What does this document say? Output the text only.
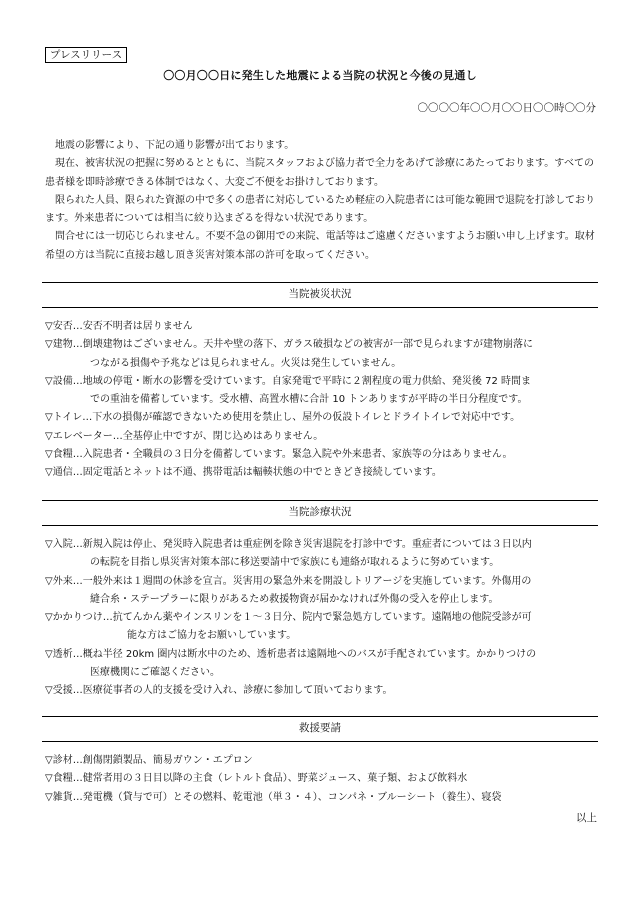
プレスリリース
〇〇月〇〇日に発生した地震による当院の状況と今後の見通し
〇〇〇〇年〇〇月〇〇日〇〇時〇〇分

地震の影響により、下記の通り影響が出ております。

現在、被害状況の把握に努めるとともに、当院スタッフおよび協力者で全力をあげて診療にあたっております。すべての患者様を即時診療できる体制ではなく、大変ご不便をお掛けしております。

限られた人員、限られた資源の中で多くの患者に対応しているため軽症の入院患者には可能な範囲で退院を打診しております。外来患者については相当に絞り込まざるを得ない状況であります。

問合せには一切応じられません。不要不急の御用での来院、電話等はご遠慮くださいますようお願い申し上げます。取材希望の方は当院に直接お越し頂き災害対策本部の許可を取ってください。

当院被災状況
▽安否…安否不明者は居りません
▽建物…倒壊建物はございません。天井や壁の落下、ガラス破損などの被害が一部で見られますが建物崩落に
つながる損傷や予兆などは見られません。火災は発生していません。
▽設備…地域の停電・断水の影響を受けています。自家発電で平時に２割程度の電力供給、発災後 72 時間ま
での重油を備蓄しています。受水槽、高置水槽に合計 10 トンありますが平時の半日分程度です。
▽トイレ…下水の損傷が確認できないため使用を禁止し、屋外の仮設トイレとドライトイレで対応中です。
▽エレベーター…全基停止中ですが、閉じ込めはありません。
▽食糧…入院患者・全職員の３日分を備蓄しています。緊急入院や外来患者、家族等の分はありません。
▽通信…固定電話とネットは不通、携帯電話は輻輳状態の中でときどき接続しています。
当院診療状況
▽入院…新規入院は停止、発災時入院患者は重症例を除き災害退院を打診中です。重症者については３日以内
の転院を目指し県災害対策本部に移送要請中で家族にも連絡が取れるように努めています。
▽外来…一般外来は１週間の休診を宣言。災害用の緊急外来を開設しトリアージを実施しています。外傷用の
縫合糸・ステープラーに限りがあるため救援物資が届かなければ外傷の受入を停止します。
▽かかりつけ…抗てんかん薬やインスリンを１～３日分、院内で緊急処方しています。遠隔地の他院受診が可
能な方はご協力をお願いしています。
▽透析…概ね半径 20km 圏内は断水中のため、透析患者は遠隔地へのバスが手配されています。かかりつけの
医療機関にご確認ください。
▽受援…医療従事者の人的支援を受け入れ、診療に参加して頂いております。
救援要請
▽診材…創傷閉鎖製品、簡易ガウン・エプロン
▽食糧…健常者用の３日目以降の主食（レトルト食品）、野菜ジュース、菓子類、および飲料水
▽雑貨…発電機（貸与で可）とその燃料、乾電池（単３・４）、コンパネ・ブルーシート（養生）、寝袋
以上
